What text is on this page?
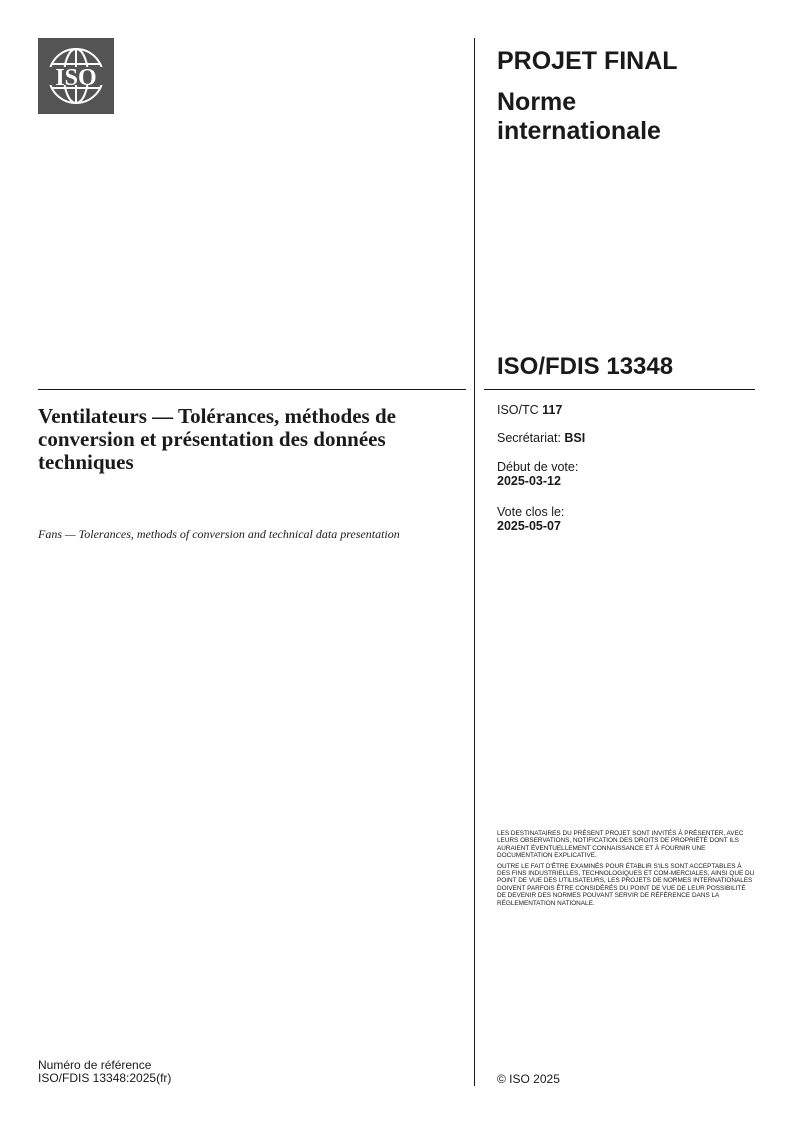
ISO
PROJET FINAL
Norme internationale
ISO/FDIS 13348
Ventilateurs — Tolérances, méthodes de conversion et présentation des données techniques
Fans — Tolerances, methods of conversion and technical data presentation
ISO/TC 117
Secrétariat: BSI
Début de vote:
2025-03-12
Vote clos le:
2025-05-07

LES DESTINATAIRES DU PRÉSENT PROJET SONT INVITÉS À PRÉSENTER, AVEC LEURS OBSERVATIONS, NOTIFICATION DES DROITS DE PROPRIÉTÉ DONT ILS AURAIENT ÉVENTUELLEMENT CONNAISSANCE ET À FOURNIR UNE DOCUMENTATION EXPLICATIVE.

OUTRE LE FAIT D'ÊTRE EXAMINÉS POUR ÉTABLIR S'ILS SONT ACCEPTABLES À DES FINS INDUSTRIELLES, TECHNOLOGIQUES ET COM-MERCIALES, AINSI QUE DU POINT DE VUE DES UTILISATEURS, LES PROJETS DE NORMES INTERNATIONALES DOIVENT PARFOIS ÊTRE CONSIDÉRÉS DU POINT DE VUE DE LEUR POSSIBILITÉ DE DEVENIR DES NORMES POUVANT SERVIR DE RÉFÉRENCE DANS LA RÉGLEMENTATION NATIONALE.

Numéro de référence
ISO/FDIS 13348:2025(fr)	© ISO 2025
